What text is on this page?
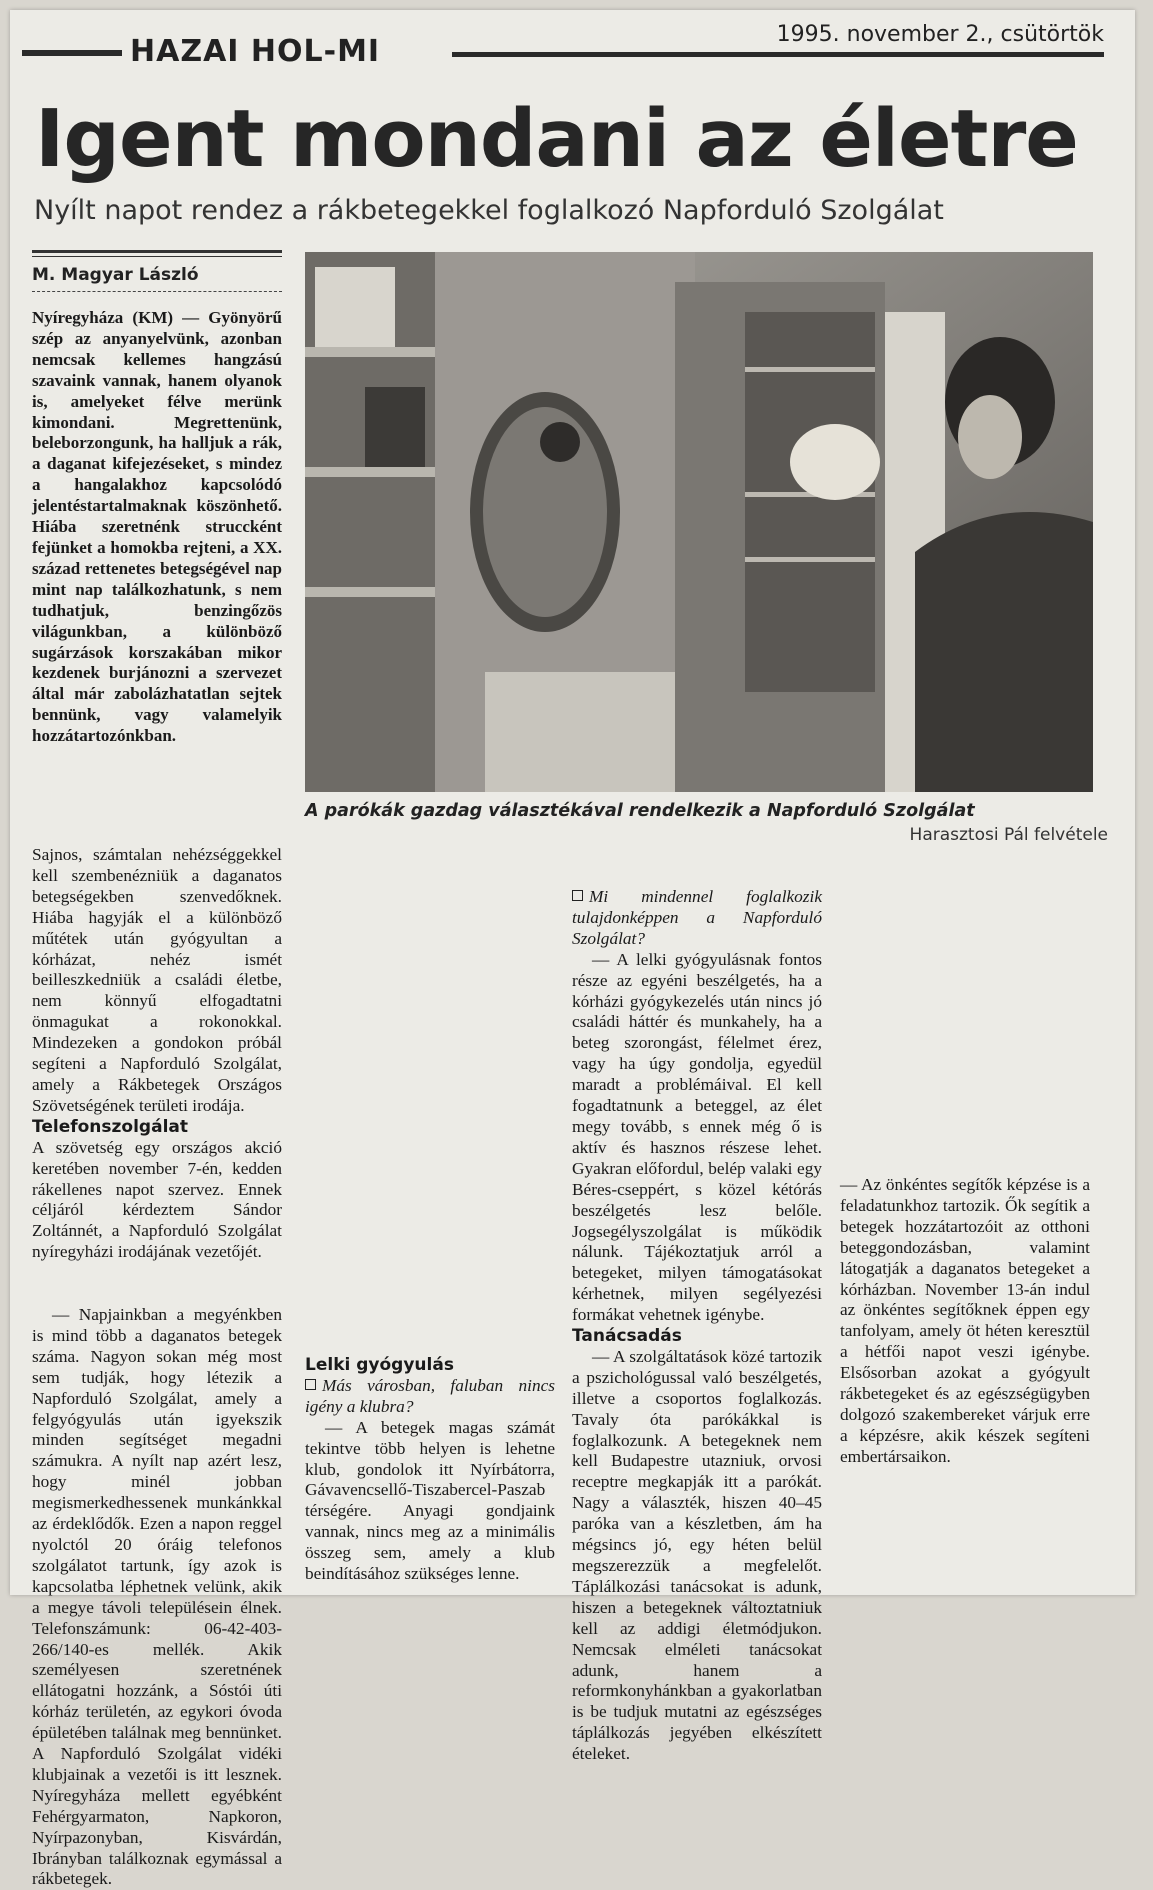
HAZAI HOL-MI	1995. november 2., csütörtök
Igent mondani az életre
Nyílt napot rendez a rákbetegekkel foglalkozó Napforduló Szolgálat
M. Magyar László

Nyíregyháza (KM) — Gyönyörű szép az anyanyelvünk, azonban nemcsak kellemes hangzású szavaink vannak, hanem olyanok is, amelyeket félve merünk kimondani. Megrettenünk, beleborzongunk, ha halljuk a rák, a daganat kifejezéseket, s mindez a hangalakhoz kapcsolódó jelentéstartalmaknak köszönhető. Hiába szeretnénk struccként fejünket a homokba rejteni, a XX. század rettenetes betegségével nap mint nap találkozhatunk, s nem tudhatjuk, benzingőzös világunkban, a különböző sugárzások korszakában mikor kezdenek burjánozni a szervezet által már zabolázhatatlan sejtek bennünk, vagy valamelyik hozzátartozónkban.

A parókák gazdag választékával rendelkezik a Napforduló Szolgálat
Harasztosi Pál felvétele

Sajnos, számtalan nehézséggekkel kell szembenézniük a daganatos betegségekben szenvedőknek. Hiába hagyják el a különböző műtétek után gyógyultan a kórházat, nehéz ismét beilleszkedniük a családi életbe, nem könnyű elfogadtatni önmagukat a rokonokkal. Mindezeken a gondokon próbál segíteni a Napforduló Szolgálat, amely a Rákbetegek Országos Szövetségének területi irodája.

Telefonszolgálat

A szövetség egy országos akció keretében november 7-én, kedden rákellenes napot szervez. Ennek céljáról kérdeztem Sándor Zoltánnét, a Napforduló Szolgálat nyíregyházi irodájának vezetőjét.

— Napjainkban a megyénkben is mind több a daganatos betegek száma. Nagyon sokan még most sem tudják, hogy létezik a Napforduló Szolgálat, amely a felgyógyulás után igyekszik minden segítséget megadni számukra. A nyílt nap azért lesz, hogy minél jobban megismerkedhessenek munkánkkal az érdeklődők. Ezen a napon reggel nyolctól 20 óráig telefonos szolgálatot tartunk, így azok is kapcsolatba léphetnek velünk, akik a megye távoli településein élnek. Telefonszámunk: 06-42-403-266/140-es mellék. Akik személyesen szeretnének ellátogatni hozzánk, a Sóstói úti kórház területén, az egykori óvoda épületében találnak meg bennünket. A Napforduló Szolgálat vidéki klubjainak a vezetői is itt lesznek. Nyíregyháza mellett egyébként Fehérgyarmaton, Napkoron, Nyírpazonyban, Kisvárdán, Ibrányban találkoznak egymással a rákbetegek.

Lelki gyógyulás

Más városban, faluban nincs igény a klubra?

— A betegek magas számát tekintve több helyen is lehetne klub, gondolok itt Nyírbátorra, Gávavencsellő-Tiszabercel-Paszab térségére. Anyagi gondjaink vannak, nincs meg az a minimális összeg sem, amely a klub beindításához szükséges lenne.

Mi mindennel foglalkozik tulajdonképpen a Napforduló Szolgálat?

— A lelki gyógyulásnak fontos része az egyéni beszélgetés, ha a kórházi gyógykezelés után nincs jó családi háttér és munkahely, ha a beteg szorongást, félelmet érez, vagy ha úgy gondolja, egyedül maradt a problémáival. El kell fogadtatnunk a beteggel, az élet megy tovább, s ennek még ő is aktív és hasznos részese lehet. Gyakran előfordul, belép valaki egy Béres-cseppért, s közel kétórás beszélgetés lesz belőle. Jogsegélyszolgálat is működik nálunk. Tájékoztatjuk arról a betegeket, milyen támogatásokat kérhetnek, milyen segélyezési formákat vehetnek igénybe.

Tanácsadás

— A szolgáltatások közé tartozik a pszichológussal való beszélgetés, illetve a csoportos foglalkozás. Tavaly óta parókákkal is foglalkozunk. A betegeknek nem kell Budapestre utazniuk, orvosi receptre megkapják itt a parókát. Nagy a választék, hiszen 40–45 paróka van a készletben, ám ha mégsincs jó, egy héten belül megszerezzük a megfelelőt. Táplálkozási tanácsokat is adunk, hiszen a betegeknek változtatniuk kell az addigi életmódjukon. Nemcsak elméleti tanácsokat adunk, hanem a reformkonyhánkban a gyakorlatban is be tudjuk mutatni az egészséges táplálkozás jegyében elkészített ételeket.

— Az önkéntes segítők képzése is a feladatunkhoz tartozik. Ők segítik a betegek hozzátartozóit az otthoni beteggondozásban, valamint látogatják a daganatos betegeket a kórházban. November 13-án indul az önkéntes segítőknek éppen egy tanfolyam, amely öt héten keresztül a hétfői napot veszi igénybe. Elsősorban azokat a gyógyult rákbetegeket és az egészségügyben dolgozó szakembereket várjuk erre a képzésre, akik készek segíteni embertársaikon.
